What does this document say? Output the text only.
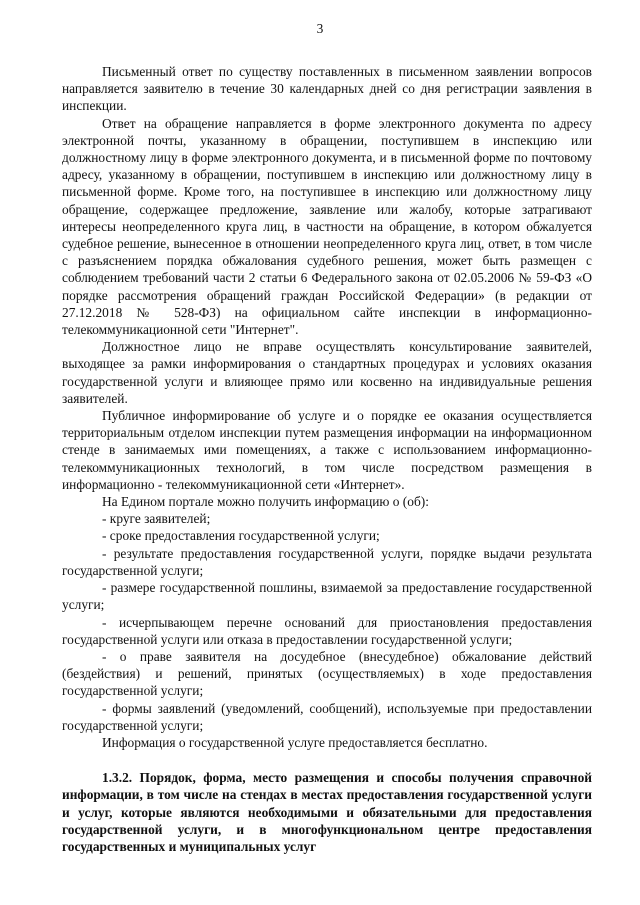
3

Письменный ответ по существу поставленных в письменном заявлении вопросов направляется заявителю в течение 30 календарных дней со дня регистрации заявления в инспекции.

Ответ на обращение направляется в форме электронного документа по адресу электронной почты, указанному в обращении, поступившем в инспекцию или должностному лицу в форме электронного документа, и в письменной форме по почтовому адресу, указанному в обращении, поступившем в инспекцию или должностному лицу в письменной форме. Кроме того, на поступившее в инспекцию или должностному лицу обращение, содержащее предложение, заявление или жалобу, которые затрагивают интересы неопределенного круга лиц, в частности на обращение, в котором обжалуется судебное решение, вынесенное в отношении неопределенного круга лиц, ответ, в том числе с разъяснением порядка обжалования судебного решения, может быть размещен с соблюдением требований части 2 статьи 6 Федерального закона от 02.05.2006 № 59-ФЗ «О порядке рассмотрения обращений граждан Российской Федерации» (в редакции от 27.12.2018 № 528-ФЗ) на официальном сайте инспекции в информационно-телекоммуникационной сети "Интернет".

Должностное лицо не вправе осуществлять консультирование заявителей, выходящее за рамки информирования о стандартных процедурах и условиях оказания государственной услуги и влияющее прямо или косвенно на индивидуальные решения заявителей.

Публичное информирование об услуге и о порядке ее оказания осуществляется территориальным отделом инспекции путем размещения информации на информационном стенде в занимаемых ими помещениях, а также с использованием информационно-телекоммуникационных технологий, в том числе посредством размещения в информационно - телекоммуникационной сети «Интернет».

На Едином портале можно получить информацию о (об):

- круге заявителей;

- сроке предоставления государственной услуги;

- результате предоставления государственной услуги, порядке выдачи результата государственной услуги;

- размере государственной пошлины, взимаемой за предоставление государственной услуги;

- исчерпывающем перечне оснований для приостановления предоставления государственной услуги или отказа в предоставлении государственной услуги;

- о праве заявителя на досудебное (внесудебное) обжалование действий (бездействия) и решений, принятых (осуществляемых) в ходе предоставления государственной услуги;

- формы заявлений (уведомлений, сообщений), используемые при предоставлении государственной услуги;

Информация о государственной услуге предоставляется бесплатно.

1.3.2. Порядок, форма, место размещения и способы получения справочной информации, в том числе на стендах в местах предоставления государственной услуги и услуг, которые являются необходимыми и обязательными для предоставления государственной услуги, и в многофункциональном центре предоставления государственных и муниципальных услуг
